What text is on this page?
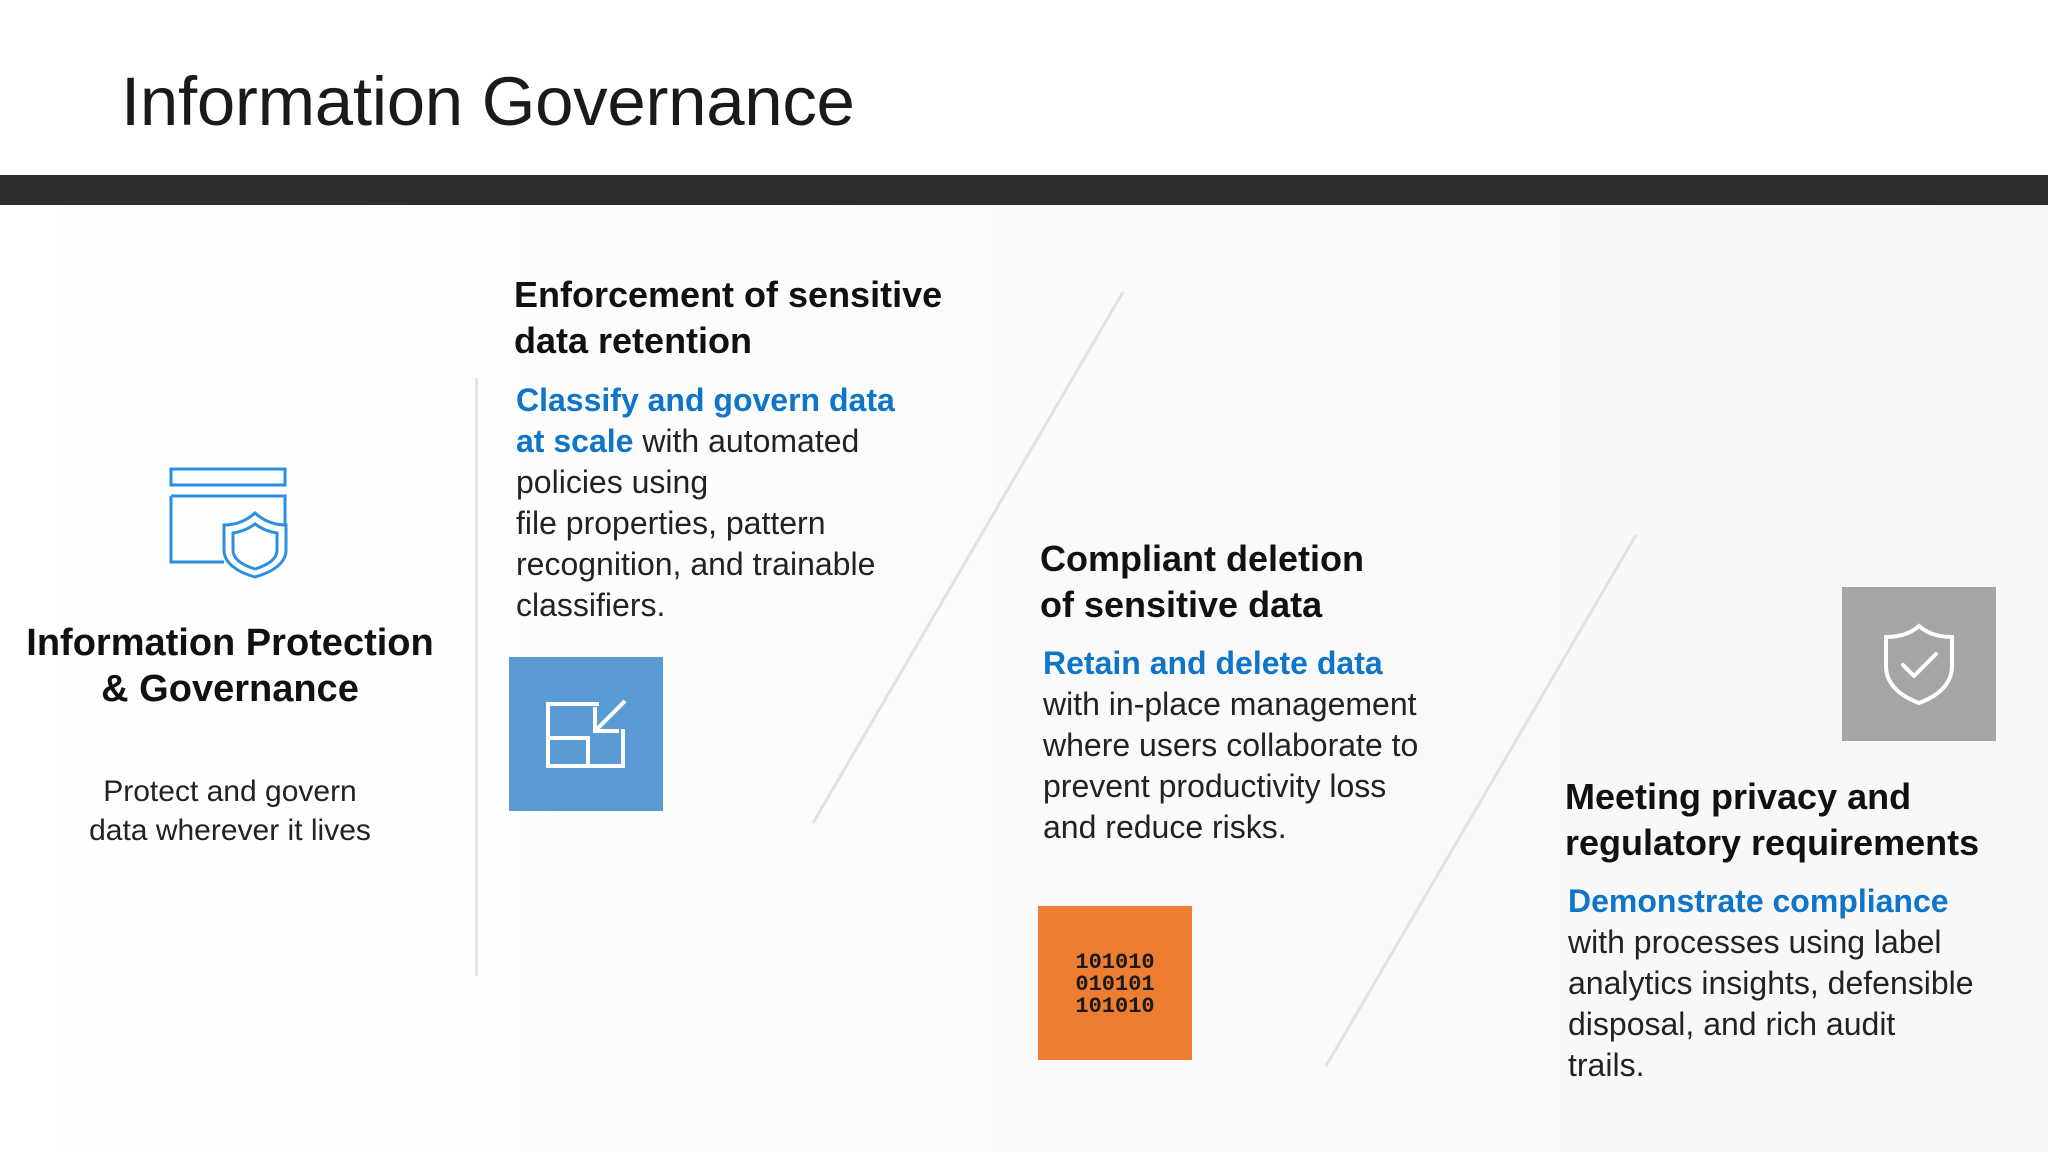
Information Governance
Information Protection
& Governance

Protect and govern
data wherever it lives

Enforcement of sensitive
data retention

Classify and govern data
at scale with automated
policies using
file properties, pattern
recognition, and trainable
classifiers.

Compliant deletion
of sensitive data

Retain and delete data
with in-place management
where users collaborate to
prevent productivity loss
and reduce risks.

101010
010101
101010
Meeting privacy and
regulatory requirements

Demonstrate compliance
with processes using label
analytics insights, defensible
disposal, and rich audit
trails.
